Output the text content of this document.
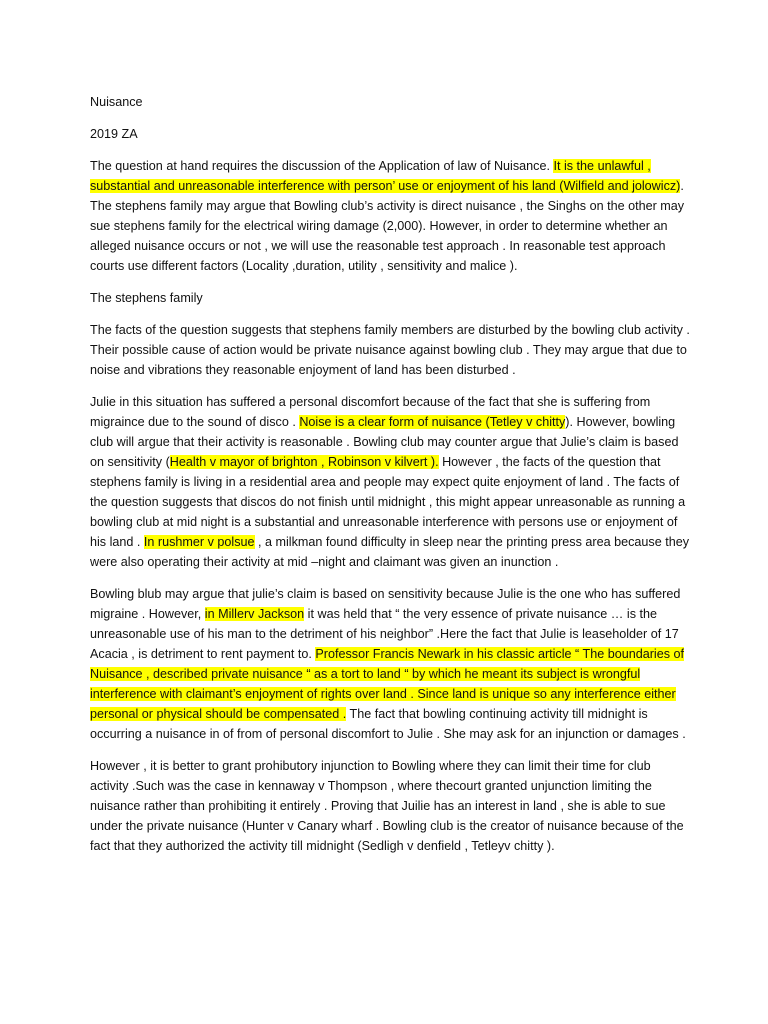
Nuisance

2019 ZA

The question at hand requires the discussion of the Application of law of Nuisance. It is the unlawful , substantial and unreasonable interference with person’ use or enjoyment of his land (Wilfield and jolowicz). The stephens family may argue that Bowling club’s activity is direct nuisance , the Singhs on the other may sue stephens family for the electrical wiring damage (2,000). However, in order to determine whether an alleged nuisance occurs or not , we will use the reasonable test approach . In reasonable test approach courts use different factors (Locality ,duration, utility , sensitivity and malice ).

The stephens family

The facts of the question suggests that stephens family members are disturbed by the bowling club activity . Their possible cause of action would be private nuisance against bowling club . They may argue that due to noise and vibrations they reasonable enjoyment of land has been disturbed .

Julie in this situation has suffered a personal discomfort because of the fact that she is suffering from migraince due to the sound of disco . Noise is a clear form of nuisance (Tetley v chitty). However, bowling club will argue that their activity is reasonable . Bowling club may counter argue that Julie’s claim is based on sensitivity (Health v mayor of brighton , Robinson v kilvert ). However , the facts of the question that stephens family is living in a residential area and people may expect quite enjoyment of land . The facts of the question suggests that discos do not finish until midnight , this might appear unreasonable as running a bowling club at mid night is a substantial and unreasonable interference with persons use or enjoyment of his land . In rushmer v polsue , a milkman found difficulty in sleep near the printing press area because they were also operating their activity at mid –night and claimant was given an inunction .

Bowling blub may argue that julie’s claim is based on sensitivity because Julie is the one who has suffered migraine . However, in Millerv Jackson it was held that “ the very essence of private nuisance … is the unreasonable use of his man to the detriment of his neighbor” .Here the fact that Julie is leaseholder of 17 Acacia , is detriment to rent payment to. Professor Francis Newark in his classic article “ The boundaries of Nuisance , described private nuisance “ as a tort to land “ by which he meant its subject is wrongful interference with claimant’s enjoyment of rights over land . Since land is unique so any interference either personal or physical should be compensated . The fact that bowling continuing activity till midnight is occurring a nuisance in of from of personal discomfort to Julie . She may ask for an injunction or damages .

However , it is better to grant prohibutory injunction to Bowling where they can limit their time for club activity .Such was the case in kennaway v Thompson , where thecourt granted unjunction limiting the nuisance rather than prohibiting it entirely . Proving that Juilie has an interest in land , she is able to sue under the private nuisance (Hunter v Canary wharf . Bowling club is the creator of nuisance because of the fact that they authorized the activity till midnight (Sedligh v denfield , Tetleyv chitty ).
